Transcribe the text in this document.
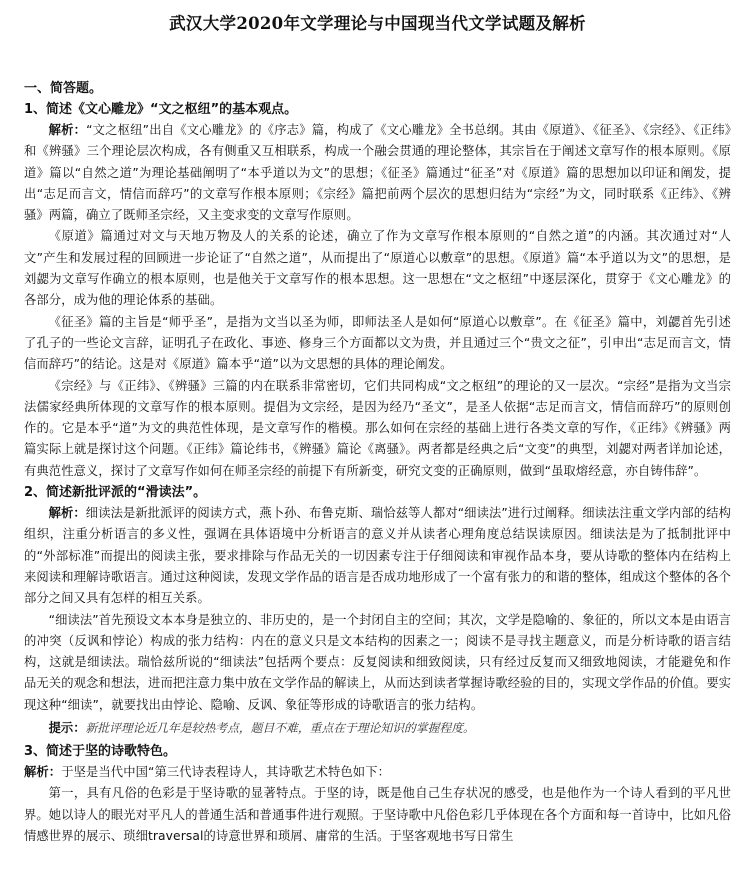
武汉大学2020年文学理论与中国现当代文学试题及解析
一、简答题。
1、简述《文心雕龙》“文之枢纽”的基本观点。

解析：“文之枢纽”出自《文心雕龙》的《序志》篇，构成了《文心雕龙》全书总纲。其由《原道》、《征圣》、《宗经》、《正纬》和《辨骚》三个理论层次构成，各有侧重又互相联系，构成一个融会贯通的理论整体，其宗旨在于阐述文章写作的根本原则。《原道》篇以“自然之道”为理论基础阐明了“本乎道以为文”的思想；《征圣》篇通过“征圣”对《原道》篇的思想加以印证和阐发，提出“志足而言文，情信而辞巧”的文章写作根本原则；《宗经》篇把前两个层次的思想归结为“宗经”为文，同时联系《正纬》、《辨骚》两篇，确立了既师圣宗经，又主变求变的文章写作原则。

《原道》篇通过对文与天地万物及人的关系的论述，确立了作为文章写作根本原则的“自然之道”的内涵。其次通过对“人文”产生和发展过程的回顾进一步论证了“自然之道”，从而提出了“原道心以敷章”的思想。《原道》篇“本乎道以为文”的思想，是刘勰为文章写作确立的根本原则，也是他关于文章写作的根本思想。这一思想在“文之枢纽”中逐层深化，贯穿于《文心雕龙》的各部分，成为他的理论体系的基础。

《征圣》篇的主旨是“师乎圣”，是指为文当以圣为师，即师法圣人是如何“原道心以敷章”。在《征圣》篇中，刘勰首先引述了孔子的一些论文言辞，证明孔子在政化、事迹、修身三个方面都以文为贵，并且通过三个“贵文之征”，引申出“志足而言文，情信而辞巧”的结论。这是对《原道》篇本乎“道”以为文思想的具体的理论阐发。

《宗经》与《正纬》、《辨骚》三篇的内在联系非常密切，它们共同构成“文之枢纽”的理论的又一层次。“宗经”是指为文当宗法儒家经典所体现的文章写作的根本原则。提倡为文宗经，是因为经乃“圣文”，是圣人依据“志足而言文，情信而辞巧”的原则创作的。它是本乎“道”为文的典范性体现，是文章写作的楷模。那么如何在宗经的基础上进行各类文章的写作，《正纬》《辨骚》两篇实际上就是探讨这个问题。《正纬》篇论纬书，《辨骚》篇论《离骚》。两者都是经典之后“文变”的典型，刘勰对两者详加论述，有典范性意义，探讨了文章写作如何在师圣宗经的前提下有所新变，研究文变的正确原则，做到“虽取熔经意，亦自铸伟辞”。

2、简述新批评派的“滑读法”。

解析：细读法是新批派评的阅读方式，燕卜孙、布鲁克斯、瑞恰兹等人都对“细读法”进行过阐释。细读法注重文学内部的结构组织，注重分析语言的多义性，强调在具体语境中分析语言的意义并从读者心理角度总结误读原因。细读法是为了抵制批评中的“外部标准”而提出的阅读主张，要求排除与作品无关的一切因素专注于仔细阅读和审视作品本身，要从诗歌的整体内在结构上来阅读和理解诗歌语言。通过这种阅读，发现文学作品的语言是否成功地形成了一个富有张力的和谐的整体，组成这个整体的各个部分之间又具有怎样的相互关系。

“细读法”首先预设文本本身是独立的、非历史的，是一个封闭自主的空间；其次，文学是隐喻的、象征的，所以文本是由语言的冲突（反讽和悖论）构成的张力结构：内在的意义只是文本结构的因素之一；阅读不是寻找主题意义，而是分析诗歌的语言结构，这就是细读法。瑞恰兹所说的“细读法”包括两个要点：反复阅读和细致阅读，只有经过反复而又细致地阅读，才能避免和作品无关的观念和想法，进而把注意力集中放在文学作品的解读上，从而达到读者掌握诗歌经验的目的，实现文学作品的价值。要实现这种“细读”，就要找出由悖论、隐喻、反讽、象征等形成的诗歌语言的张力结构。

提示：新批评理论近几年是较热考点，题目不难，重点在于理论知识的掌握程度。

3、简述于坚的诗歌特色。

解析：于坚是当代中国“第三代诗表程诗人，其诗歌艺术特色如下：

第一，具有凡俗的色彩是于坚诗歌的显著特点。于坚的诗，既是他自己生存状况的感受，也是他作为一个诗人看到的平凡世界。她以诗人的眼光对平凡人的普通生活和普通事件进行观照。于坚诗歌中凡俗色彩几乎体现在各个方面和每一首诗中，比如凡俗情感世界的展示、琐细traversal的诗意世界和琐屑、庸常的生活。于坚客观地书写日常生
